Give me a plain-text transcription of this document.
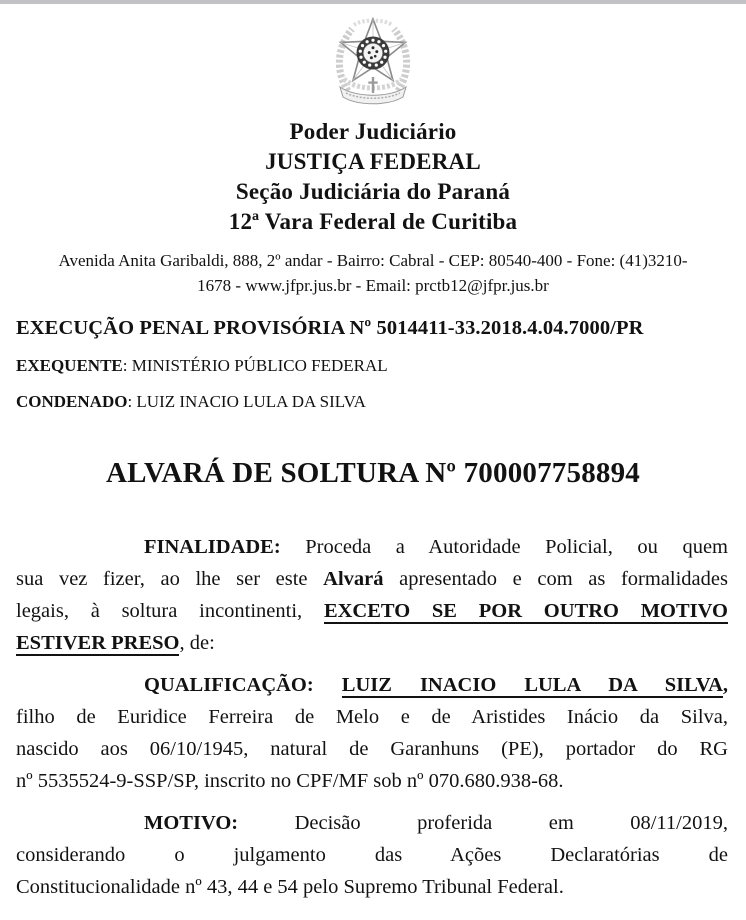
Poder Judiciário
JUSTIÇA FEDERAL
Seção Judiciária do Paraná
12ª Vara Federal de Curitiba
Avenida Anita Garibaldi, 888, 2º andar - Bairro: Cabral - CEP: 80540-400 - Fone: (41)3210-
1678 - www.jfpr.jus.br - Email: prctb12@jfpr.jus.br
EXECUÇÃO PENAL PROVISÓRIA Nº 5014411-33.2018.4.04.7000/PR
EXEQUENTE: MINISTÉRIO PÚBLICO FEDERAL
CONDENADO: LUIZ INACIO LULA DA SILVA
ALVARÁ DE SOLTURA Nº 700007758894
FINALIDADE: Proceda a Autoridade Policial, ou quem
sua vez fizer, ao lhe ser este Alvará apresentado e com as formalidades
legais, à soltura incontinenti, EXCETO SE POR OUTRO MOTIVO
ESTIVER PRESO, de:
QUALIFICAÇÃO: LUIZ INACIO LULA DA SILVA,
filho de Euridice Ferreira de Melo e de Aristides Inácio da Silva,
nascido aos 06/10/1945, natural de Garanhuns (PE), portador do RG
nº 5535524-9-SSP/SP, inscrito no CPF/MF sob nº 070.680.938-68.
MOTIVO: Decisão proferida em 08/11/2019,
considerando o julgamento das Ações Declaratórias de
Constitucionalidade nº 43, 44 e 54 pelo Supremo Tribunal Federal.
